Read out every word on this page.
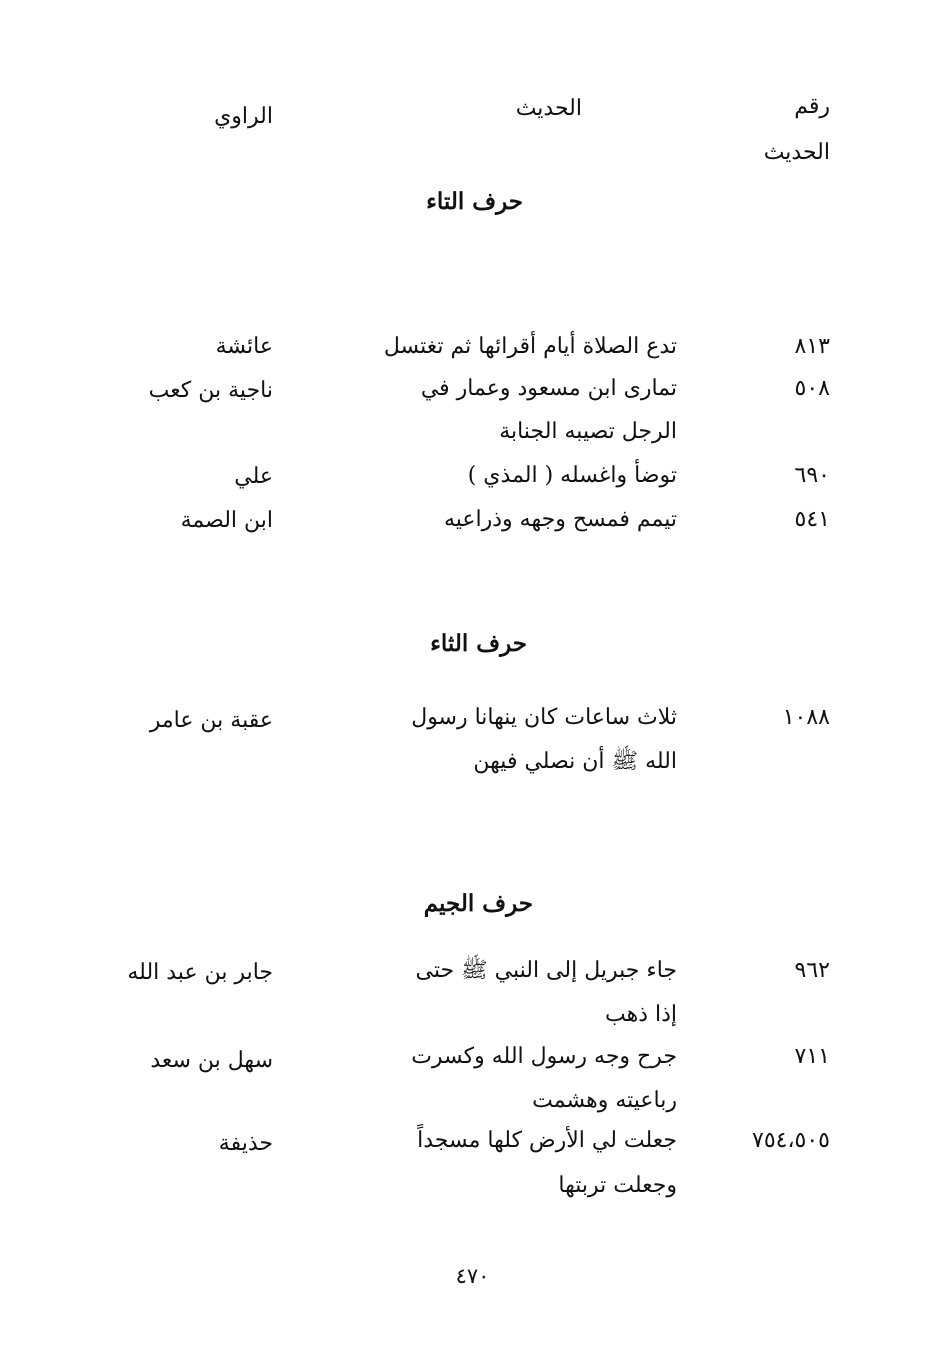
رقم
الحديث
الحديث
الراوي
حرف التاء
٨١٣
تدع الصلاة أيام أقرائها ثم تغتسل
عائشة
٥٠٨
تمارى ابن مسعود وعمار في
الرجل تصيبه الجنابة
ناجية بن كعب
٦٩٠
توضأ واغسله ( المذي )
علي
٥٤١
تيمم فمسح وجهه وذراعيه
ابن الصمة
حرف الثاء
١٠٨٨
ثلاث ساعات كان ينهانا رسول
الله ﷺ أن نصلي فيهن
عقبة بن عامر
حرف الجيم
٩٦٢
جاء جبريل إلى النبي ﷺ حتى
إذا ذهب
جابر بن عبد الله
٧١١
جرح وجه رسول الله وكسرت
رباعيته وهشمت
سهل بن سعد
٧٥٤،٥٠٥
جعلت لي الأرض كلها مسجداً
وجعلت تربتها
حذيفة
٤٧٠
